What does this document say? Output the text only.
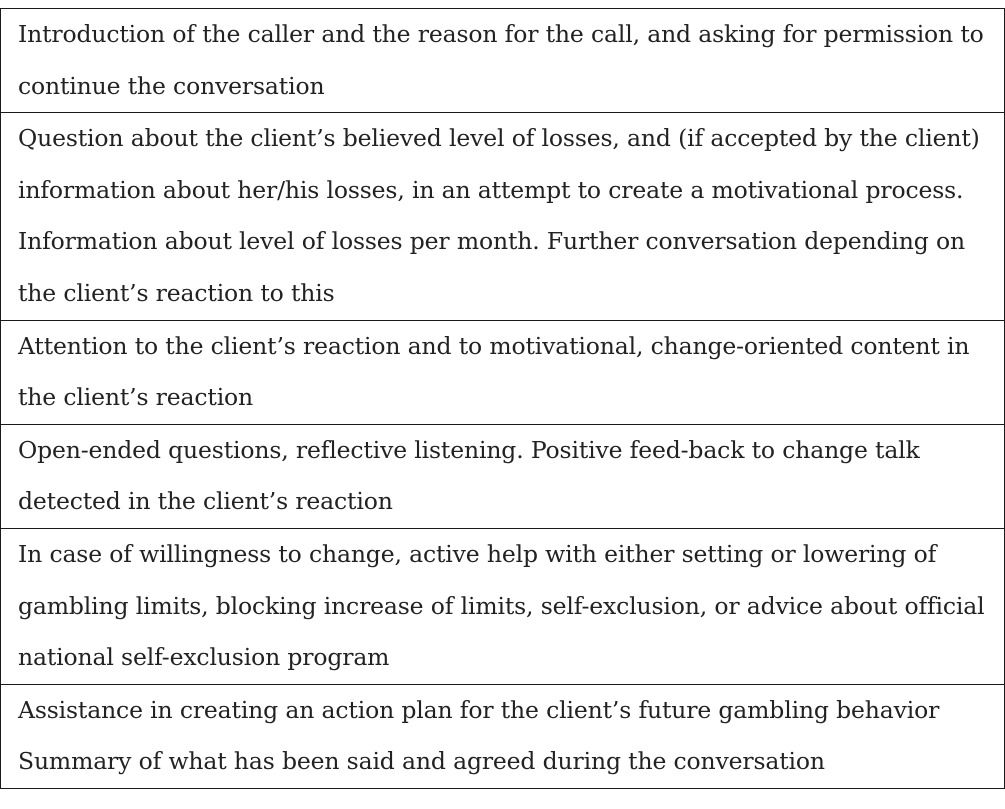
Introduction of the caller and the reason for the call, and asking for permission to
continue the conversation

Question about the client’s believed level of losses, and (if accepted by the client)
information about her/his losses, in an attempt to create a motivational process.
Information about level of losses per month. Further conversation depending on
the client’s reaction to this

Attention to the client’s reaction and to motivational, change-oriented content in
the client’s reaction

Open-ended questions, reflective listening. Positive feed-back to change talk
detected in the client’s reaction

In case of willingness to change, active help with either setting or lowering of
gambling limits, blocking increase of limits, self-exclusion, or advice about official
national self-exclusion program

Assistance in creating an action plan for the client’s future gambling behavior
Summary of what has been said and agreed during the conversation
